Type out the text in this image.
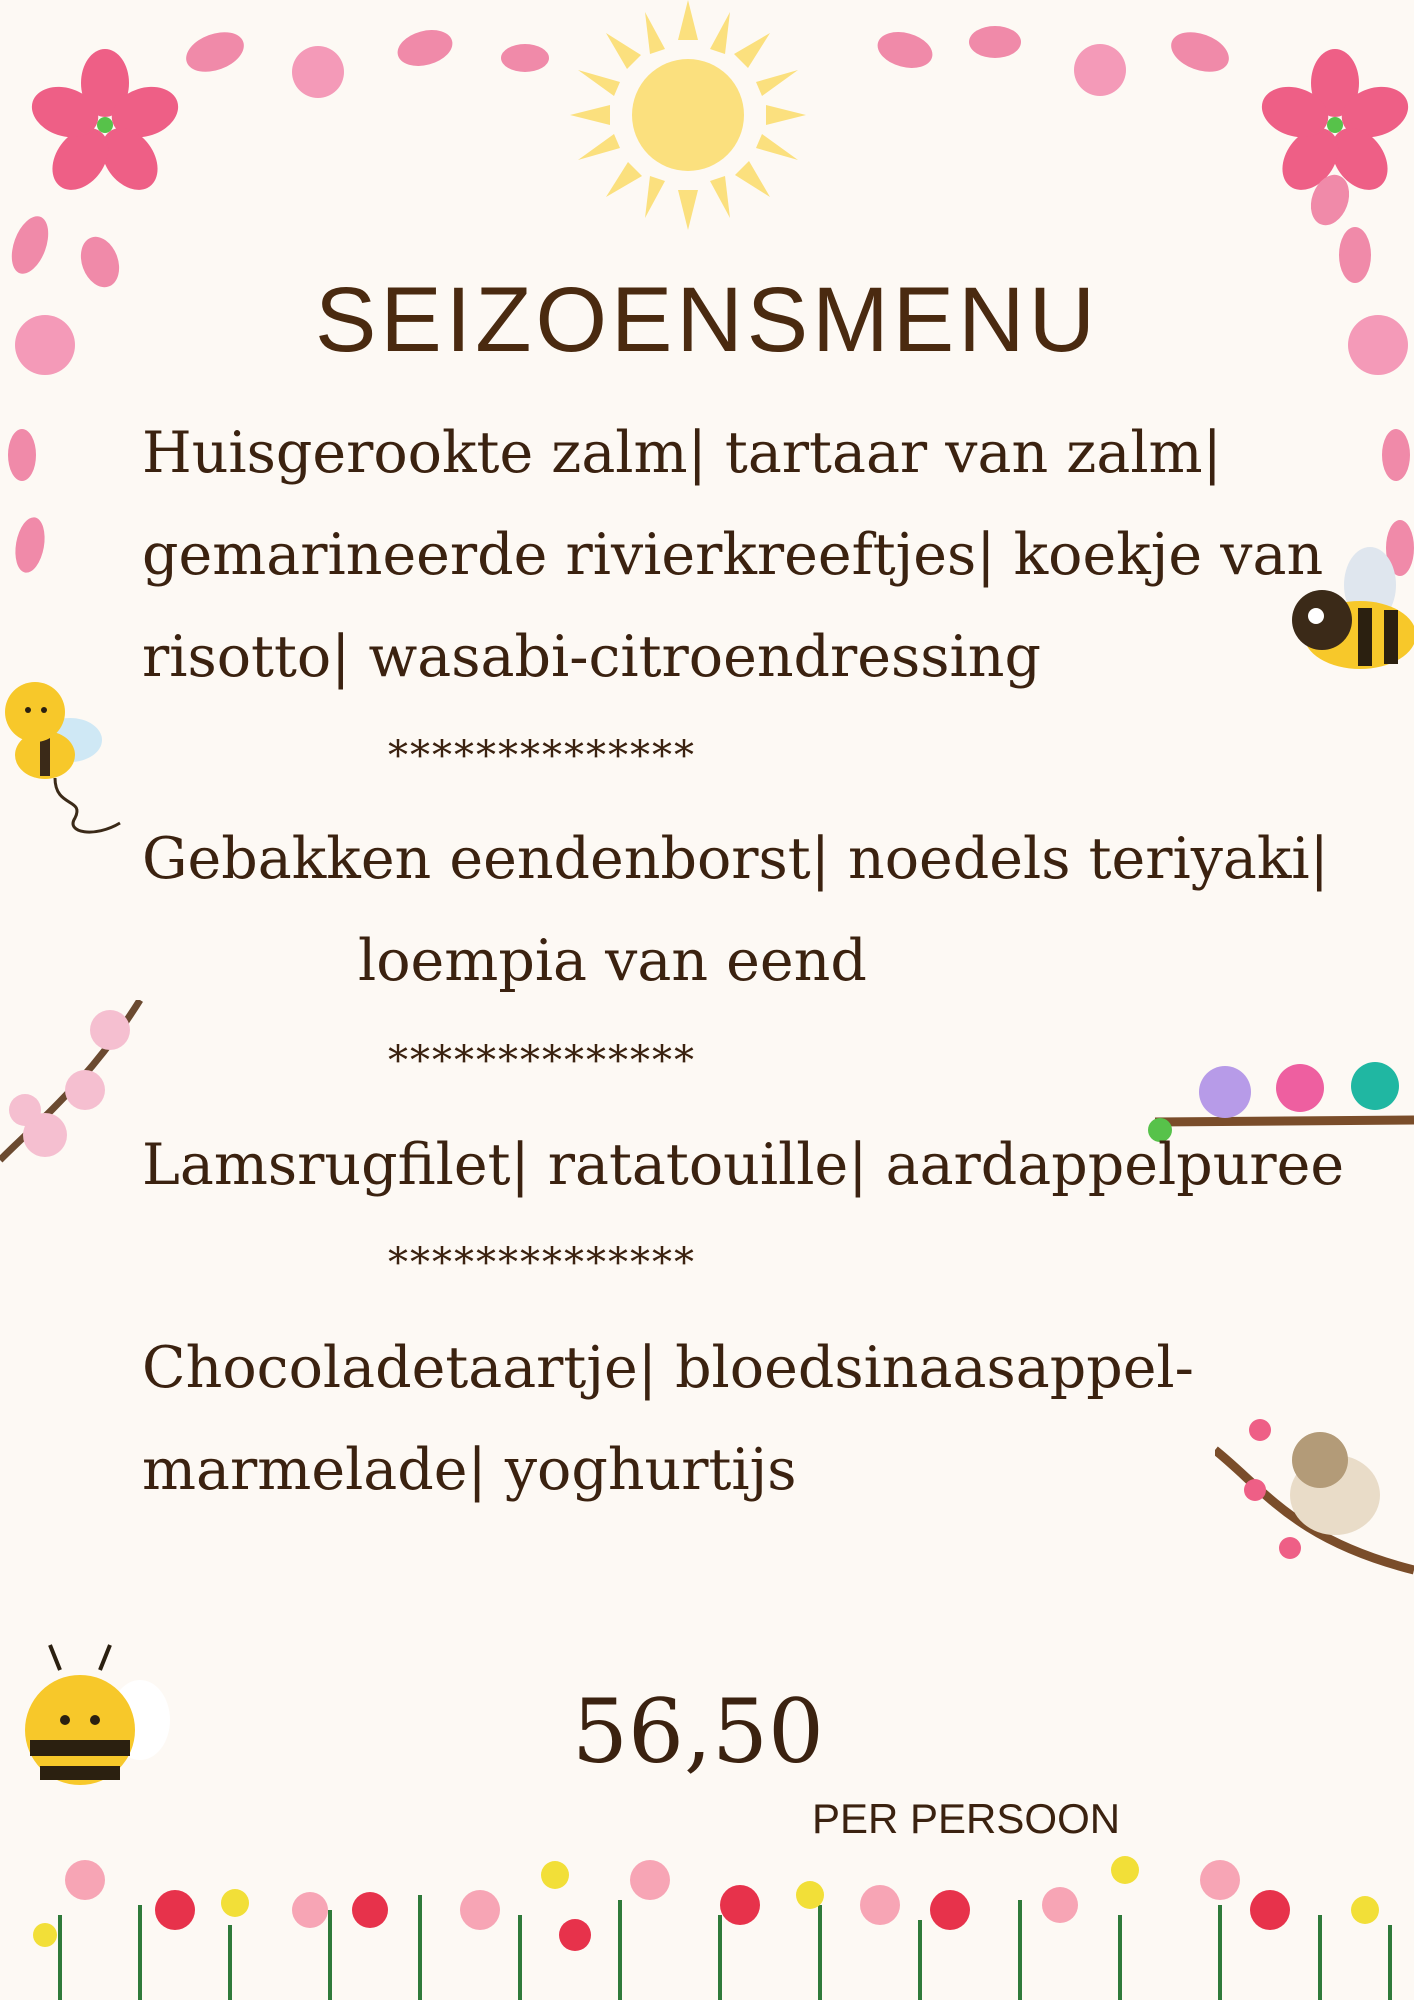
SEIZOENSMENU
Huisgerookte zalm| tartaar van zalm|
gemarineerde rivierkreeftjes| koekje van
risotto| wasabi-citroendressing
**************
Gebakken eendenborst| noedels teriyaki|
loempia van eend
**************
Lamsrugfilet| ratatouille| aardappelpuree
**************
Chocoladetaartje| bloedsinaasappel-
marmelade| yoghurtijs
56,50
PER PERSOON
